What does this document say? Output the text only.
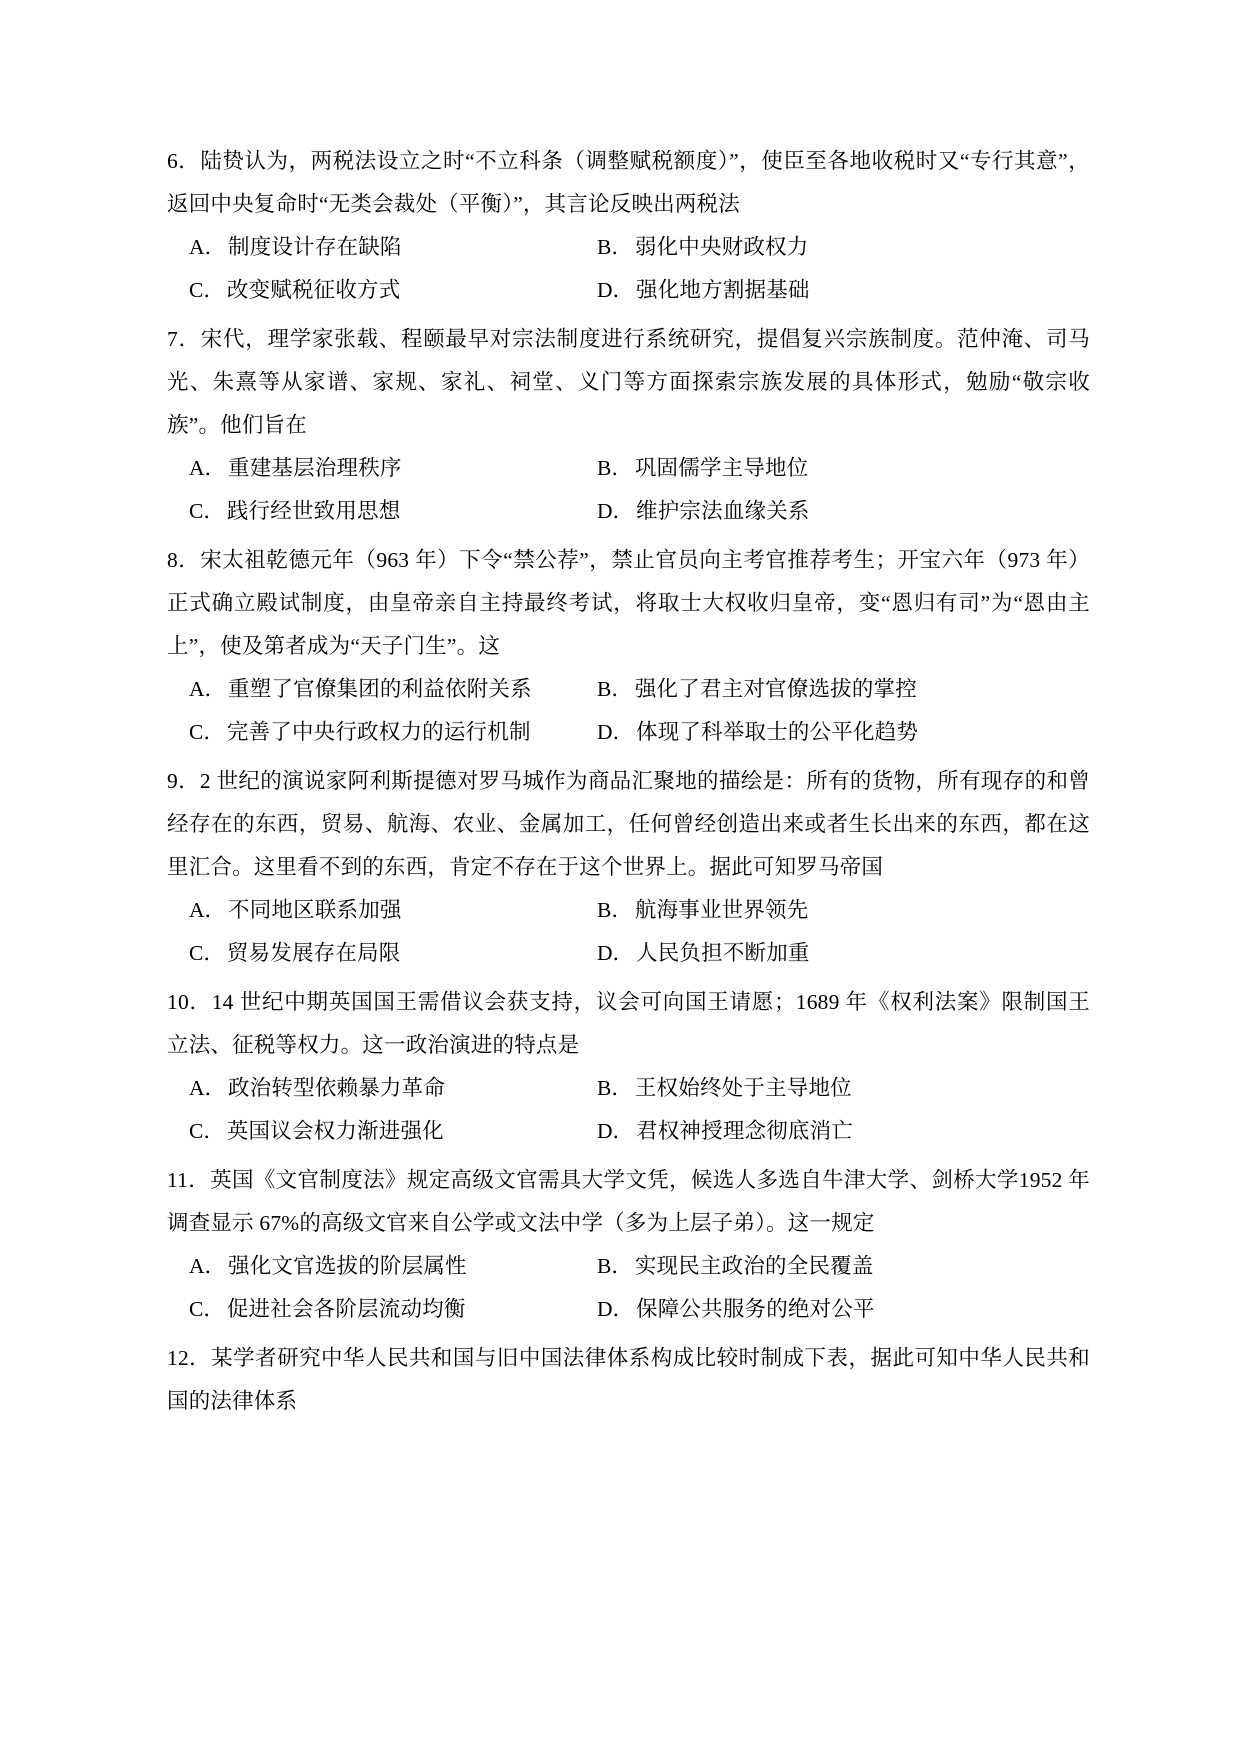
6．陆贽认为，两税法设立之时“不立科条（调整赋税额度）”，使臣至各地收税时又“专行其意”，返回中央复命时“无类会裁处（平衡）”，其言论反映出两税法

A．制度设计存在缺陷	B．弱化中央财政权力
C．改变赋税征收方式	D．强化地方割据基础

7．宋代，理学家张载、程颐最早对宗法制度进行系统研究，提倡复兴宗族制度。范仲淹、司马光、朱熹等从家谱、家规、家礼、祠堂、义门等方面探索宗族发展的具体形式，勉励“敬宗收族”。他们旨在

A．重建基层治理秩序	B．巩固儒学主导地位
C．践行经世致用思想	D．维护宗法血缘关系

8．宋太祖乾德元年（963 年）下令“禁公荐”，禁止官员向主考官推荐考生；开宝六年（973 年）正式确立殿试制度，由皇帝亲自主持最终考试，将取士大权收归皇帝，变“恩归有司”为“恩由主上”，使及第者成为“天子门生”。这

A．重塑了官僚集团的利益依附关系	B．强化了君主对官僚选拔的掌控
C．完善了中央行政权力的运行机制	D．体现了科举取士的公平化趋势

9．2 世纪的演说家阿利斯提德对罗马城作为商品汇聚地的描绘是：所有的货物，所有现存的和曾经存在的东西，贸易、航海、农业、金属加工，任何曾经创造出来或者生长出来的东西，都在这里汇合。这里看不到的东西，肯定不存在于这个世界上。据此可知罗马帝国

A．不同地区联系加强	B．航海事业世界领先
C．贸易发展存在局限	D．人民负担不断加重

10．14 世纪中期英国国王需借议会获支持，议会可向国王请愿；1689 年《权利法案》限制国王立法、征税等权力。这一政治演进的特点是

A．政治转型依赖暴力革命	B．王权始终处于主导地位
C．英国议会权力渐进强化	D．君权神授理念彻底消亡

11．英国《文官制度法》规定高级文官需具大学文凭，候选人多选自牛津大学、剑桥大学1952 年调查显示 67%的高级文官来自公学或文法中学（多为上层子弟）。这一规定

A．强化文官选拔的阶层属性	B．实现民主政治的全民覆盖
C．促进社会各阶层流动均衡	D．保障公共服务的绝对公平

12．某学者研究中华人民共和国与旧中国法律体系构成比较时制成下表，据此可知中华人民共和国的法律体系
